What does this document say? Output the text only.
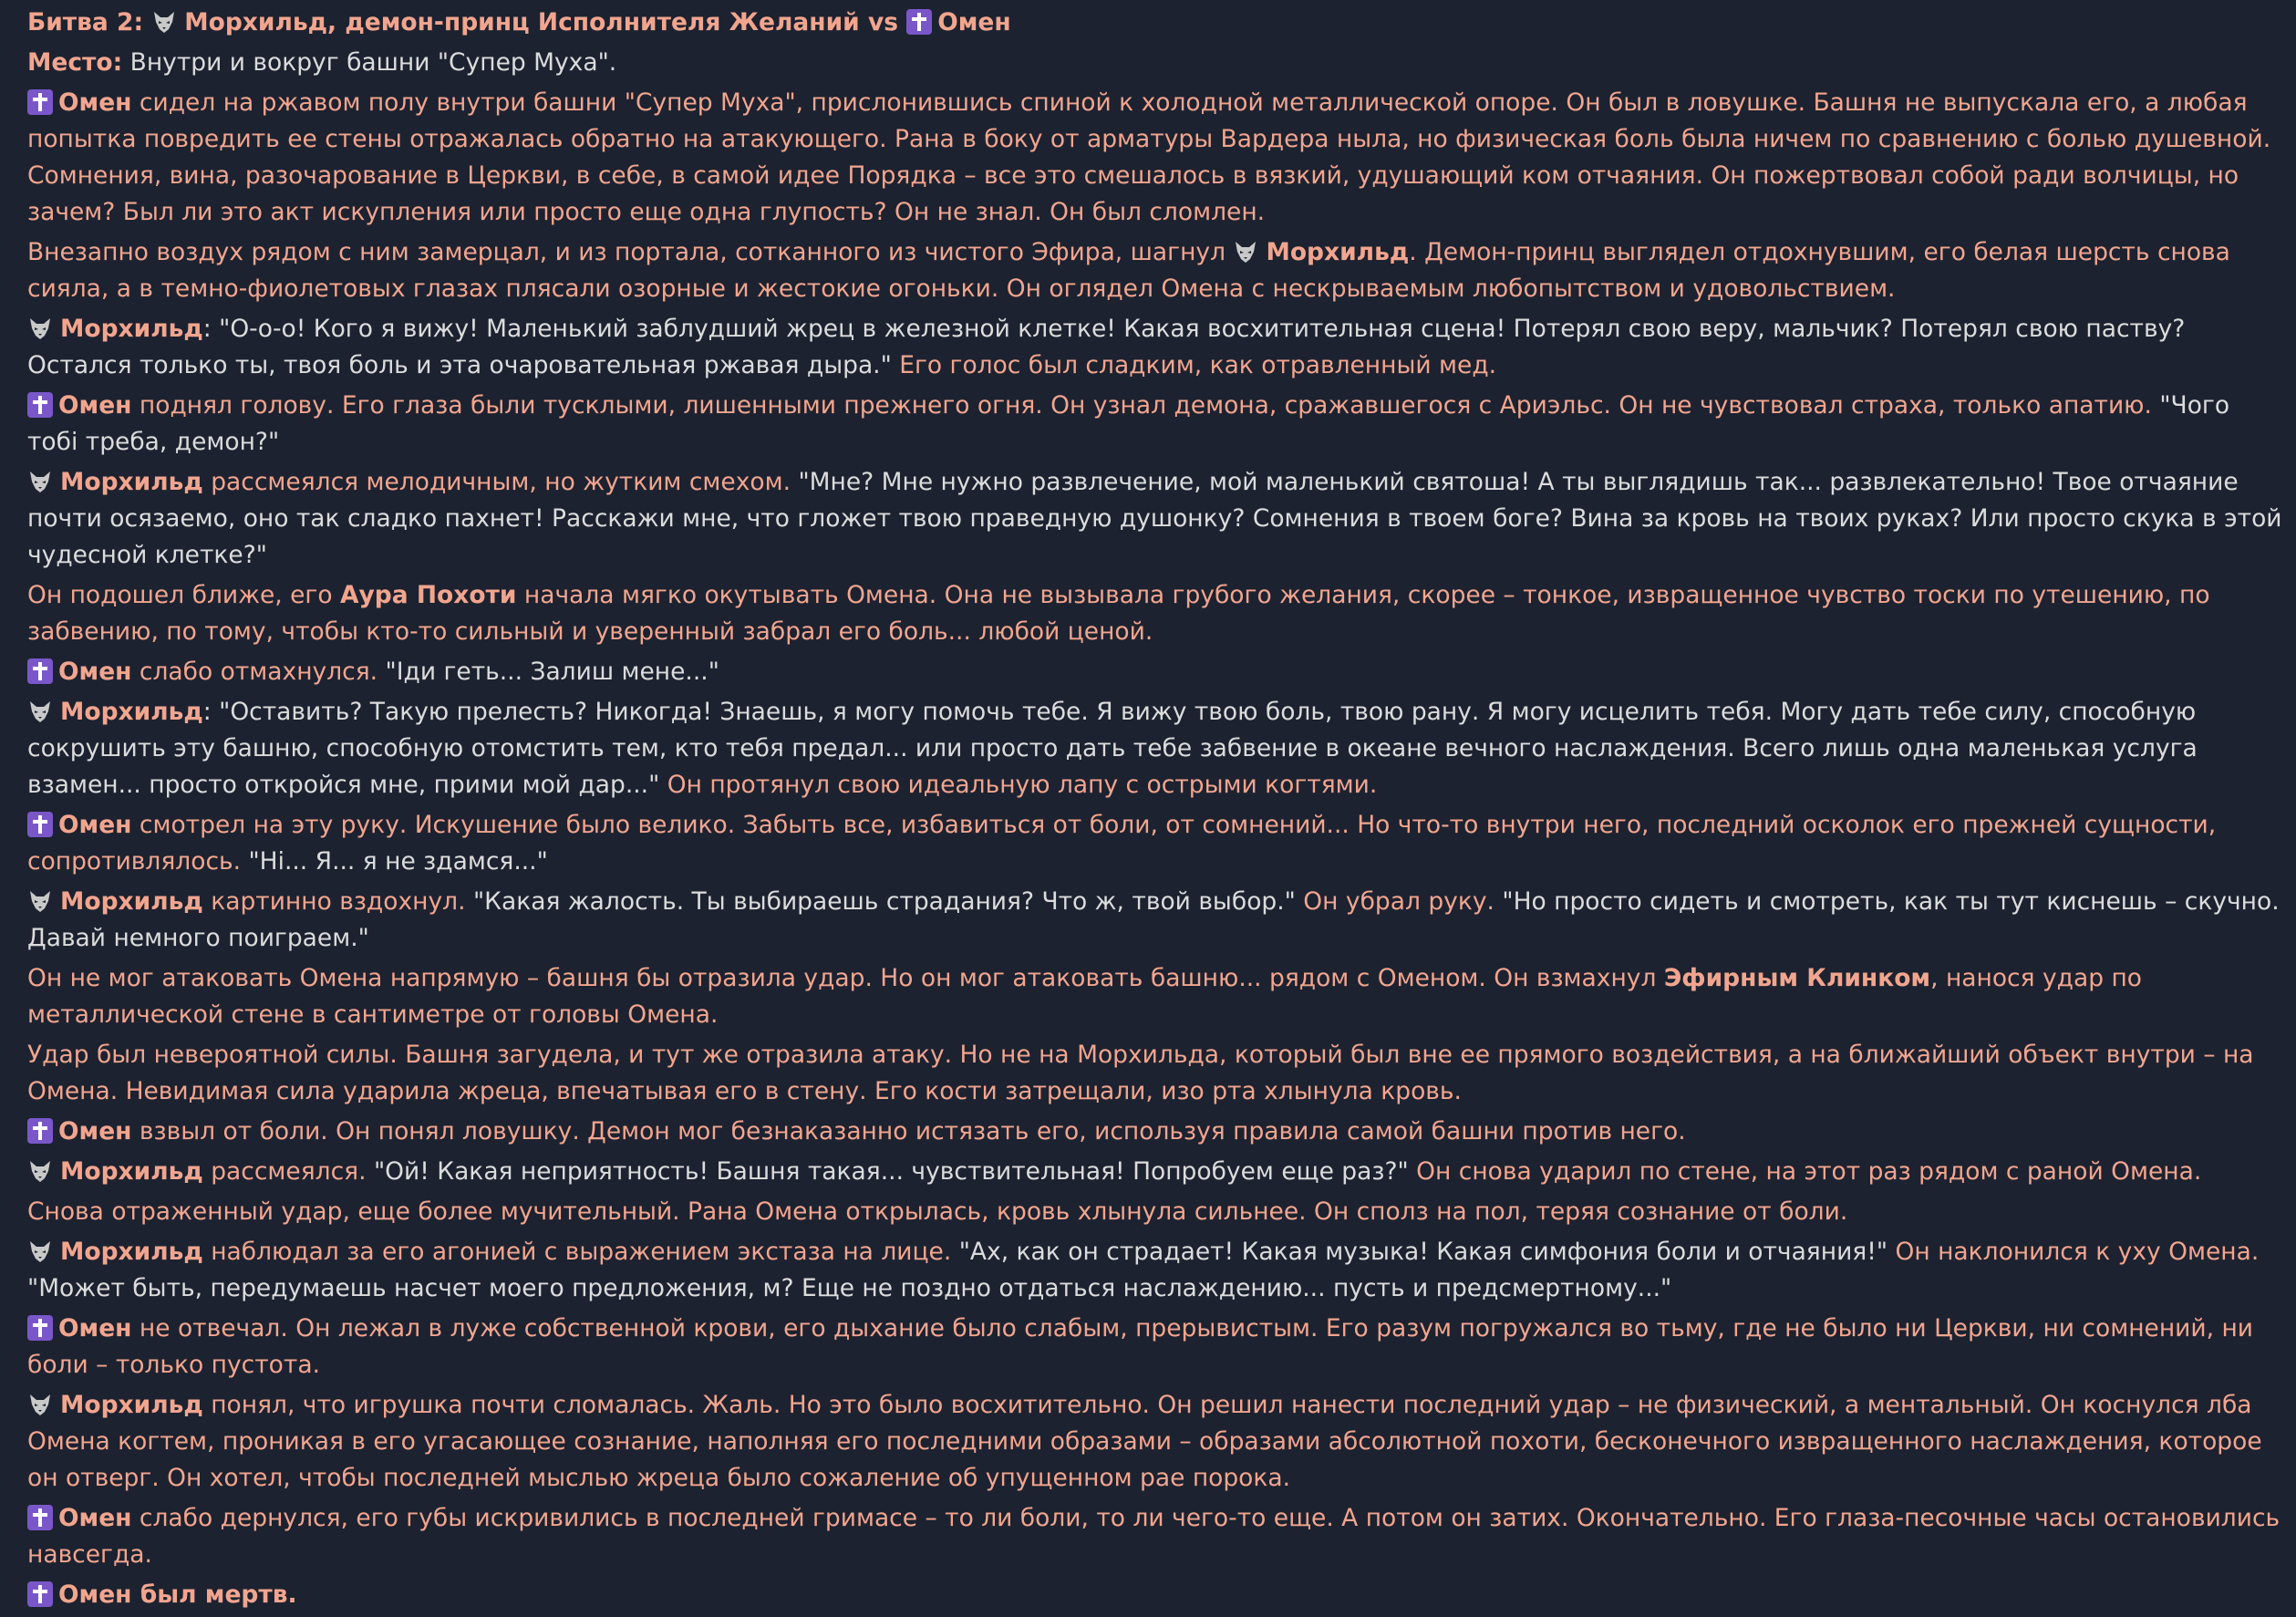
Битва 2:
Морхильд, демон-принц Исполнителя Желаний vs Омен
Место: Внутри и вокруг башни "Супер Муха".
Омен сидел на ржавом полу внутри башни "Супер Муха", прислонившись спиной к холодной металлической опоре. Он был в ловушке. Башня не выпускала его, а любая попытка повредить ее стены отражалась обратно на атакующего. Рана в боку от арматуры Вардера ныла, но физическая боль была ничем по сравнению с болью душевной. Сомнения, вина, разочарование в Церкви, в себе, в самой идее Порядка – все это смешалось в вязкий, удушающий ком отчаяния. Он пожертвовал собой ради волчицы, но зачем? Был ли это акт искупления или просто еще одна глупость? Он не знал. Он был сломлен.
Внезапно воздух рядом с ним замерцал, и из портала, сотканного из чистого Эфира, шагнул
Морхильд. Демон-принц выглядел отдохнувшим, его белая шерсть снова сияла, а в темно-фиолетовых глазах плясали озорные и жестокие огоньки. Он оглядел Омена с нескрываемым любопытством и удовольствием.
Морхильд: "О-о-о! Кого я вижу! Маленький заблудший жрец в железной клетке! Какая восхитительная сцена! Потерял свою веру, мальчик? Потерял свою паству? Остался только ты, твоя боль и эта очаровательная ржавая дыра." Его голос был сладким, как отравленный мед.
Омен поднял голову. Его глаза были тусклыми, лишенными прежнего огня. Он узнал демона, сражавшегося с Ариэльс. Он не чувствовал страха, только апатию. "Чого тобі треба, демон?"
Морхильд рассмеялся мелодичным, но жутким смехом. "Мне? Мне нужно развлечение, мой маленький святоша! А ты выглядишь так... развлекательно! Твое отчаяние почти осязаемо, оно так сладко пахнет! Расскажи мне, что гложет твою праведную душонку? Сомнения в твоем боге? Вина за кровь на твоих руках? Или просто скука в этой чудесной клетке?"
Он подошел ближе, его Аура Похоти начала мягко окутывать Омена. Она не вызывала грубого желания, скорее – тонкое, извращенное чувство тоски по утешению, по забвению, по тому, чтобы кто-то сильный и уверенный забрал его боль... любой ценой.
Омен слабо отмахнулся. "Іди геть... Залиш мене..."
Морхильд: "Оставить? Такую прелесть? Никогда! Знаешь, я могу помочь тебе. Я вижу твою боль, твою рану. Я могу исцелить тебя. Могу дать тебе силу, способную сокрушить эту башню, способную отомстить тем, кто тебя предал... или просто дать тебе забвение в океане вечного наслаждения. Всего лишь одна маленькая услуга взамен... просто откройся мне, прими мой дар..." Он протянул свою идеальную лапу с острыми когтями.
Омен смотрел на эту руку. Искушение было велико. Забыть все, избавиться от боли, от сомнений... Но что-то внутри него, последний осколок его прежней сущности, сопротивлялось. "Ні... Я... я не здамся..."
Морхильд картинно вздохнул. "Какая жалость. Ты выбираешь страдания? Что ж, твой выбор." Он убрал руку. "Но просто сидеть и смотреть, как ты тут киснешь – скучно. Давай немного поиграем."
Он не мог атаковать Омена напрямую – башня бы отразила удар. Но он мог атаковать башню... рядом с Оменом. Он взмахнул Эфирным Клинком, нанося удар по металлической стене в сантиметре от головы Омена.
Удар был невероятной силы. Башня загудела, и тут же отразила атаку. Но не на Морхильда, который был вне ее прямого воздействия, а на ближайший объект внутри – на Омена. Невидимая сила ударила жреца, впечатывая его в стену. Его кости затрещали, изо рта хлынула кровь.
Омен взвыл от боли. Он понял ловушку. Демон мог безнаказанно истязать его, используя правила самой башни против него.
Морхильд рассмеялся. "Ой! Какая неприятность! Башня такая... чувствительная! Попробуем еще раз?" Он снова ударил по стене, на этот раз рядом с раной Омена.
Снова отраженный удар, еще более мучительный. Рана Омена открылась, кровь хлынула сильнее. Он сполз на пол, теряя сознание от боли.
Морхильд наблюдал за его агонией с выражением экстаза на лице. "Ах, как он страдает! Какая музыка! Какая симфония боли и отчаяния!" Он наклонился к уху Омена. "Может быть, передумаешь насчет моего предложения, м? Еще не поздно отдаться наслаждению... пусть и предсмертному..."
Омен не отвечал. Он лежал в луже собственной крови, его дыхание было слабым, прерывистым. Его разум погружался во тьму, где не было ни Церкви, ни сомнений, ни боли – только пустота.
Морхильд понял, что игрушка почти сломалась. Жаль. Но это было восхитительно. Он решил нанести последний удар – не физический, а ментальный. Он коснулся лба Омена когтем, проникая в его угасающее сознание, наполняя его последними образами – образами абсолютной похоти, бесконечного извращенного наслаждения, которое он отверг. Он хотел, чтобы последней мыслью жреца было сожаление об упущенном рае порока.
Омен слабо дернулся, его губы искривились в последней гримасе – то ли боли, то ли чего-то еще. А потом он затих. Окончательно. Его глаза-песочные часы остановились навсегда.
Омен был мертв.
